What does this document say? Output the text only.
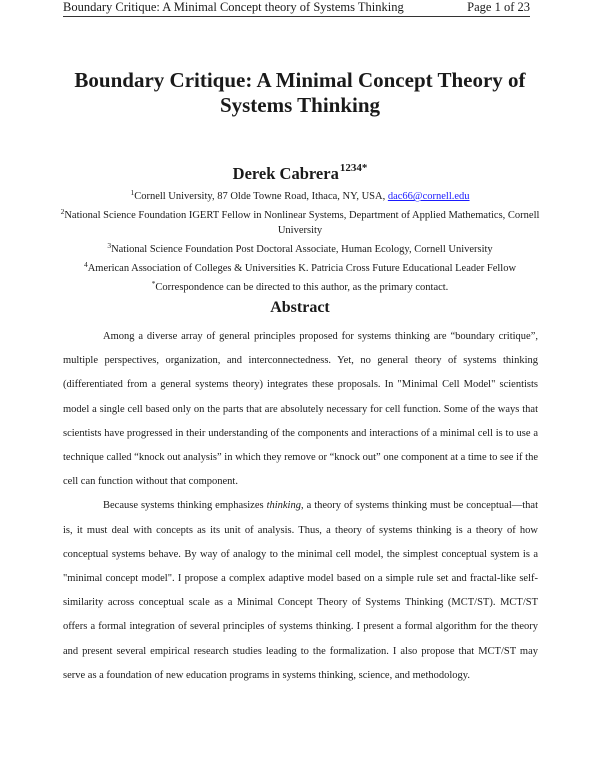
Boundary Critique: A Minimal Concept theory of Systems Thinking	Page 1 of 23
Boundary Critique: A Minimal Concept Theory of Systems Thinking
Derek Cabrera$^{1234*}$
$^1$Cornell University, 87 Olde Towne Road, Ithaca, NY, USA, dac66@cornell.edu
$^2$National Science Foundation IGERT Fellow in Nonlinear Systems, Department of Applied Mathematics, Cornell University
$^3$National Science Foundation Post Doctoral Associate, Human Ecology, Cornell University
$^4$American Association of Colleges & Universities K. Patricia Cross Future Educational Leader Fellow
*Correspondence can be directed to this author, as the primary contact.
Abstract

Among a diverse array of general principles proposed for systems thinking are “boundary critique”, multiple perspectives, organization, and interconnectedness. Yet, no general theory of systems thinking (differentiated from a general systems theory) integrates these proposals. In "Minimal Cell Model" scientists model a single cell based only on the parts that are absolutely necessary for cell function. Some of the ways that scientists have progressed in their understanding of the components and interactions of a minimal cell is to use a technique called “knock out analysis” in which they remove or “knock out” one component at a time to see if the cell can function without that component.

Because systems thinking emphasizes thinking, a theory of systems thinking must be conceptual—that is, it must deal with concepts as its unit of analysis. Thus, a theory of systems thinking is a theory of how conceptual systems behave. By way of analogy to the minimal cell model, the simplest conceptual system is a "minimal concept model". I propose a complex adaptive model based on a simple rule set and fractal-like self-similarity across conceptual scale as a Minimal Concept Theory of Systems Thinking (MCT/ST). MCT/ST offers a formal integration of several principles of systems thinking. I present a formal algorithm for the theory and present several empirical research studies leading to the formalization. I also propose that MCT/ST may serve as a foundation of new education programs in systems thinking, science, and methodology.
